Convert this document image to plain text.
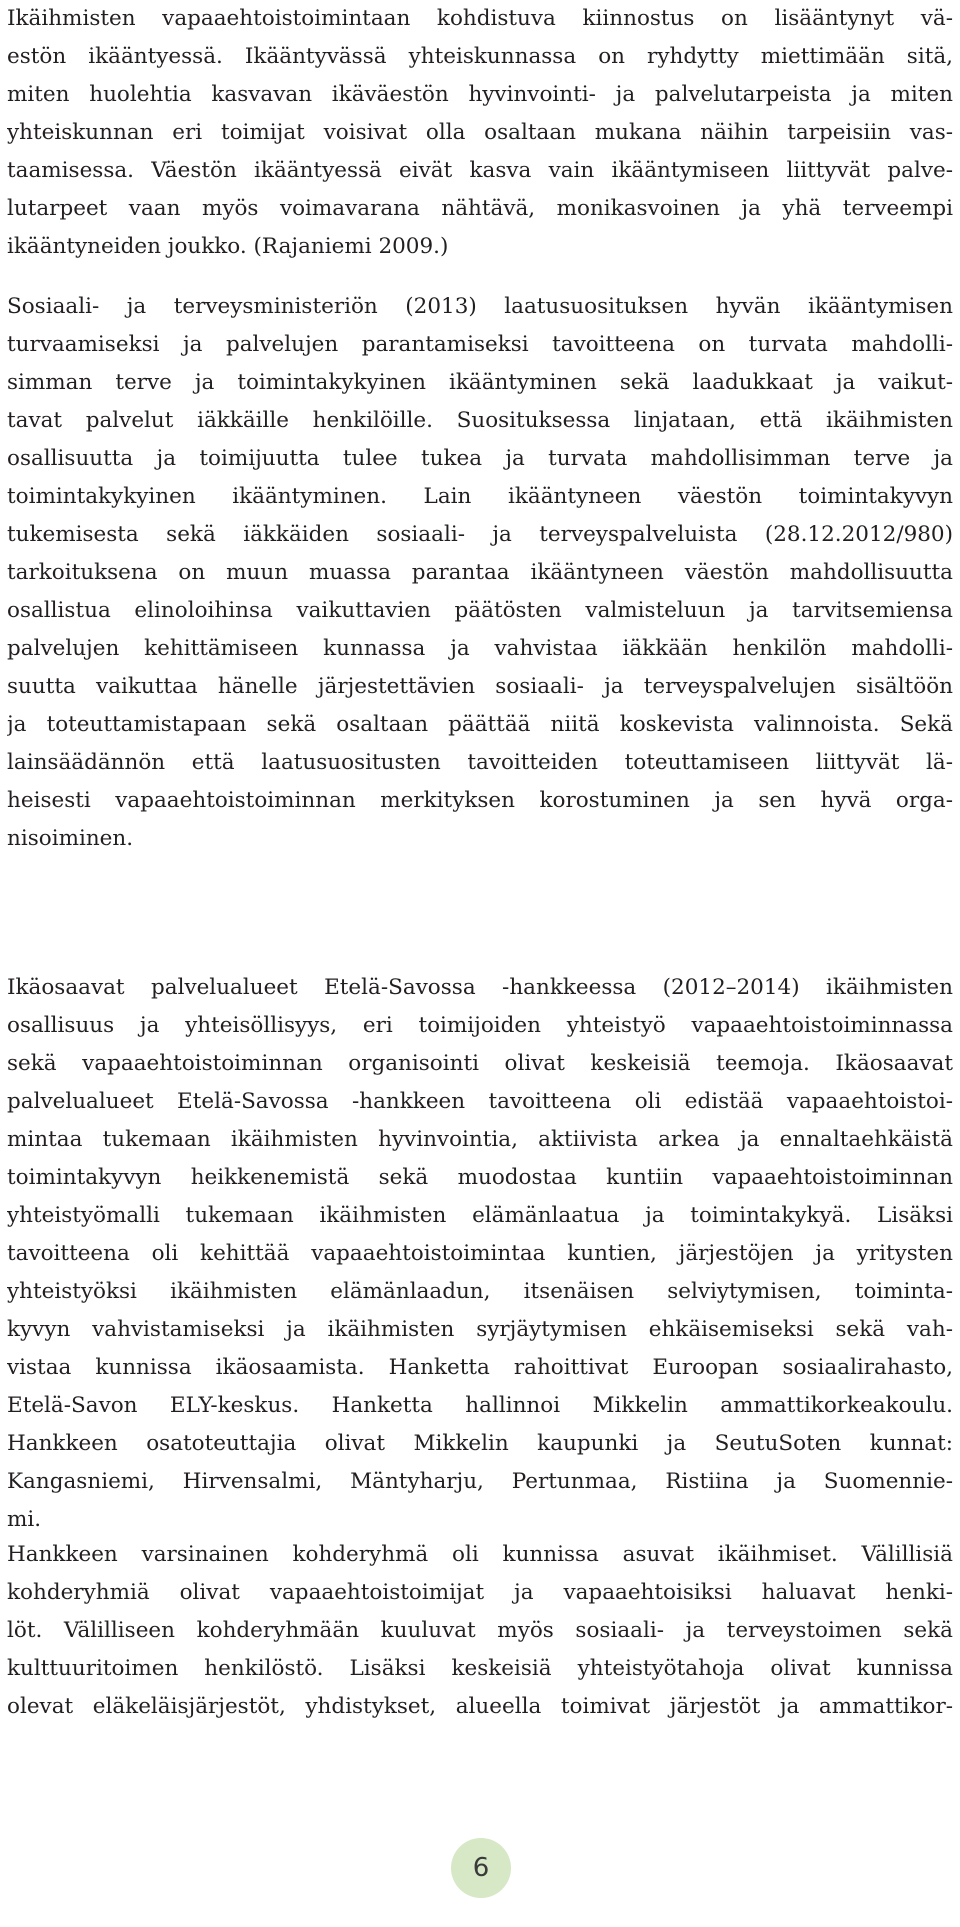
Ikäihmisten vapaaehtoistoimintaan kohdistuva kiinnostus on lisääntynyt vä-
estön ikääntyessä. Ikääntyvässä yhteiskunnassa on ryhdytty miettimään sitä,
miten huolehtia kasvavan ikäväestön hyvinvointi- ja palvelutarpeista ja miten
yhteiskunnan eri toimijat voisivat olla osaltaan mukana näihin tarpeisiin vas-
taamisessa. Väestön ikääntyessä eivät kasva vain ikääntymiseen liittyvät palve-
lutarpeet vaan myös voimavarana nähtävä, monikasvoinen ja yhä terveempi
ikääntyneiden joukko. (Rajaniemi 2009.)
Sosiaali- ja terveysministeriön (2013) laatusuosituksen hyvän ikääntymisen
turvaamiseksi ja palvelujen parantamiseksi tavoitteena on turvata mahdolli-
simman terve ja toimintakykyinen ikääntyminen sekä laadukkaat ja vaikut-
tavat palvelut iäkkäille henkilöille. Suosituksessa linjataan, että ikäihmisten
osallisuutta ja toimijuutta tulee tukea ja turvata mahdollisimman terve ja
toimintakykyinen ikääntyminen. Lain ikääntyneen väestön toimintakyvyn
tukemisesta sekä iäkkäiden sosiaali- ja terveyspalveluista (28.12.2012/980)
tarkoituksena on muun muassa parantaa ikääntyneen väestön mahdollisuutta
osallistua elinoloihinsa vaikuttavien päätösten valmisteluun ja tarvitsemiensa
palvelujen kehittämiseen kunnassa ja vahvistaa iäkkään henkilön mahdolli-
suutta vaikuttaa hänelle järjestettävien sosiaali- ja terveyspalvelujen sisältöön
ja toteuttamistapaan sekä osaltaan päättää niitä koskevista valinnoista. Sekä
lainsäädännön että laatusuositusten tavoitteiden toteuttamiseen liittyvät lä-
heisesti vapaaehtoistoiminnan merkityksen korostuminen ja sen hyvä orga-
nisoiminen.
Ikäosaavat palvelualueet Etelä-Savossa -hankkeessa (2012–2014) ikäihmisten
osallisuus ja yhteisöllisyys, eri toimijoiden yhteistyö vapaaehtoistoiminnassa
sekä vapaaehtoistoiminnan organisointi olivat keskeisiä teemoja. Ikäosaavat
palvelualueet Etelä-Savossa -hankkeen tavoitteena oli edistää vapaaehtoistoi-
mintaa tukemaan ikäihmisten hyvinvointia, aktiivista arkea ja ennaltaehkäistä
toimintakyvyn heikkenemistä sekä muodostaa kuntiin vapaaehtoistoiminnan
yhteistyömalli tukemaan ikäihmisten elämänlaatua ja toimintakykyä. Lisäksi
tavoitteena oli kehittää vapaaehtoistoimintaa kuntien, järjestöjen ja yritysten
yhteistyöksi ikäihmisten elämänlaadun, itsenäisen selviytymisen, toiminta-
kyvyn vahvistamiseksi ja ikäihmisten syrjäytymisen ehkäisemiseksi sekä vah-
vistaa kunnissa ikäosaamista. Hanketta rahoittivat Euroopan sosiaalirahasto,
Etelä-Savon ELY-keskus. Hanketta hallinnoi Mikkelin ammattikorkeakoulu.
Hankkeen osatoteuttajia olivat Mikkelin kaupunki ja SeutuSoten kunnat:
Kangasniemi, Hirvensalmi, Mäntyharju, Pertunmaa, Ristiina ja Suomennie-
mi.
Hankkeen varsinainen kohderyhmä oli kunnissa asuvat ikäihmiset. Välillisiä
kohderyhmiä olivat vapaaehtoistoimijat ja vapaaehtoisiksi haluavat henki-
löt. Välilliseen kohderyhmään kuuluvat myös sosiaali- ja terveystoimen sekä
kulttuuritoimen henkilöstö. Lisäksi keskeisiä yhteistyötahoja olivat kunnissa
olevat eläkeläisjärjestöt, yhdistykset, alueella toimivat järjestöt ja ammattikor-
6
